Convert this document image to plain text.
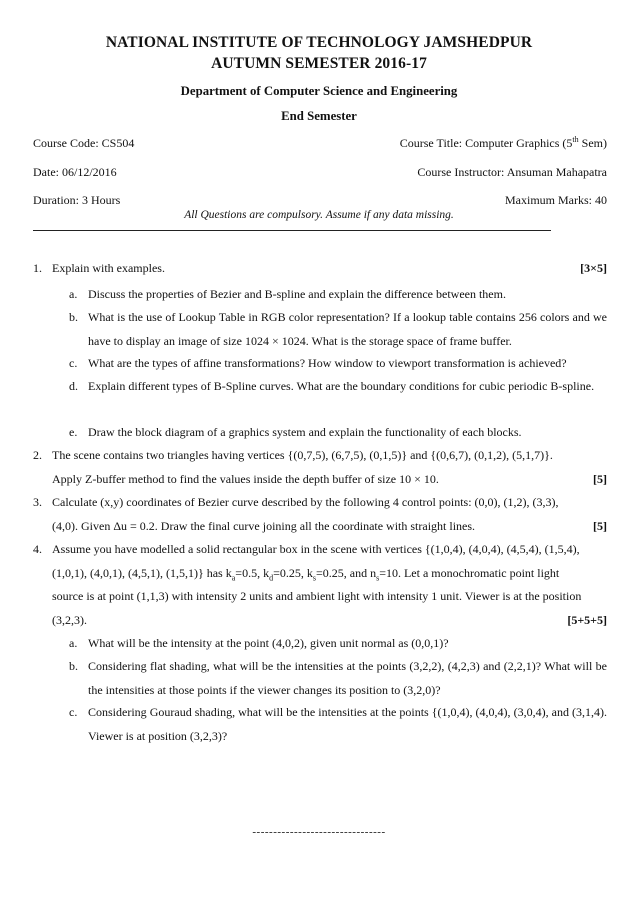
NATIONAL INSTITUTE OF TECHNOLOGY JAMSHEDPUR
AUTUMN SEMESTER 2016-17
Department of Computer Science and Engineering
End Semester
Course Code: CS504	Course Title: Computer Graphics (5th Sem)
Date: 06/12/2016	Course Instructor: Ansuman Mahapatra
Duration: 3 Hours	Maximum Marks: 40
All Questions are compulsory. Assume if any data missing.
1. Explain with examples.	[3×5]
a. Discuss the properties of Bezier and B-spline and explain the difference between them.
b. What is the use of Lookup Table in RGB color representation? If a lookup table contains 256 colors and we have to display an image of size 1024 × 1024. What is the storage space of frame buffer.
c. What are the types of affine transformations? How window to viewport transformation is achieved?
d. Explain different types of B-Spline curves. What are the boundary conditions for cubic periodic B-spline.
e. Draw the block diagram of a graphics system and explain the functionality of each blocks.
2. The scene contains two triangles having vertices {(0,7,5), (6,7,5), (0,1,5)} and {(0,6,7), (0,1,2), (5,1,7)}.
Apply Z-buffer method to find the values inside the depth buffer of size 10 × 10.	[5]
3. Calculate (x,y) coordinates of Bezier curve described by the following 4 control points: (0,0), (1,2), (3,3),
(4,0). Given Δu = 0.2. Draw the final curve joining all the coordinate with straight lines.	[5]
4. Assume you have modelled a solid rectangular box in the scene with vertices {(1,0,4), (4,0,4), (4,5,4), (1,5,4),
(1,0,1), (4,0,1), (4,5,1), (1,5,1)} has $k_a=0.5$, $k_d=0.25$, $k_s=0.25$, and $n_s=10$. Let a monochromatic point light
source is at point (1,1,3) with intensity 2 units and ambient light with intensity 1 unit. Viewer is at the position
(3,2,3).	[5+5+5]
a. What will be the intensity at the point (4,0,2), given unit normal as (0,0,1)?
b. Considering flat shading, what will be the intensities at the points (3,2,2), (4,2,3) and (2,2,1)? What will be the intensities at those points if the viewer changes its position to (3,2,0)?
c. Considering Gouraud shading, what will be the intensities at the points {(1,0,4), (4,0,4), (3,0,4), and (3,1,4). Viewer is at position (3,2,3)?
--------------------------------
